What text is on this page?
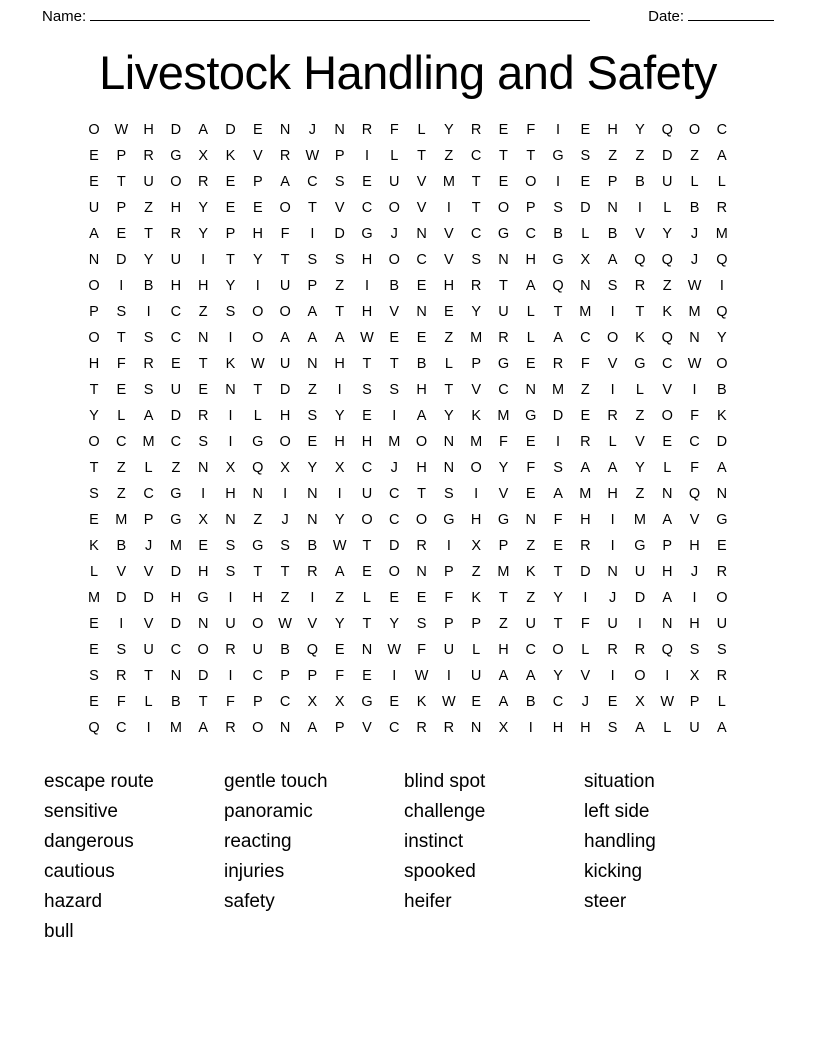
Name:	Date:
Livestock Handling and Safety
O	W	H	D	A	D	E	N	J	N	R	F	L	Y	R	E	F	I	E	H	Y	Q	O	C
E	P	R	G	X	K	V	R	W	P	I	L	T	Z	C	T	T	G	S	Z	Z	D	Z	A
E	T	U	O	R	E	P	A	C	S	E	U	V	M	T	E	O	I	E	P	B	U	L	L
U	P	Z	H	Y	E	E	O	T	V	C	O	V	I	T	O	P	S	D	N	I	L	B	R
A	E	T	R	Y	P	H	F	I	D	G	J	N	V	C	G	C	B	L	B	V	Y	J	M
N	D	Y	U	I	T	Y	T	S	S	H	O	C	V	S	N	H	G	X	A	Q	Q	J	Q
O	I	B	H	H	Y	I	U	P	Z	I	B	E	H	R	T	A	Q	N	S	R	Z	W	I
P	S	I	C	Z	S	O	O	A	T	H	V	N	E	Y	U	L	T	M	I	T	K	M	Q
O	T	S	C	N	I	O	A	A	A	W	E	E	Z	M	R	L	A	C	O	K	Q	N	Y
H	F	R	E	T	K	W	U	N	H	T	T	B	L	P	G	E	R	F	V	G	C	W	O
T	E	S	U	E	N	T	D	Z	I	S	S	H	T	V	C	N	M	Z	I	L	V	I	B
Y	L	A	D	R	I	L	H	S	Y	E	I	A	Y	K	M	G	D	E	R	Z	O	F	K
O	C	M	C	S	I	G	O	E	H	H	M	O	N	M	F	E	I	R	L	V	E	C	D
T	Z	L	Z	N	X	Q	X	Y	X	C	J	H	N	O	Y	F	S	A	A	Y	L	F	A
S	Z	C	G	I	H	N	I	N	I	U	C	T	S	I	V	E	A	M	H	Z	N	Q	N
E	M	P	G	X	N	Z	J	N	Y	O	C	O	G	H	G	N	F	H	I	M	A	V	G
K	B	J	M	E	S	G	S	B	W	T	D	R	I	X	P	Z	E	R	I	G	P	H	E
L	V	V	D	H	S	T	T	R	A	E	O	N	P	Z	M	K	T	D	N	U	H	J	R
M	D	D	H	G	I	H	Z	I	Z	L	E	E	F	K	T	Z	Y	I	J	D	A	I	O
E	I	V	D	N	U	O	W	V	Y	T	Y	S	P	P	Z	U	T	F	U	I	N	H	U
E	S	U	C	O	R	U	B	Q	E	N	W	F	U	L	H	C	O	L	R	R	Q	S	S
S	R	T	N	D	I	C	P	P	F	E	I	W	I	U	A	A	Y	V	I	O	I	X	R
E	F	L	B	T	F	P	C	X	X	G	E	K	W	E	A	B	C	J	E	X	W	P	L
Q	C	I	M	A	R	O	N	A	P	V	C	R	R	N	X	I	H	H	S	A	L	U	A
escape route
sensitive
dangerous
cautious
hazard
bull
gentle touch
panoramic
reacting
injuries
safety
blind spot
challenge
instinct
spooked
heifer
situation
left side
handling
kicking
steer
